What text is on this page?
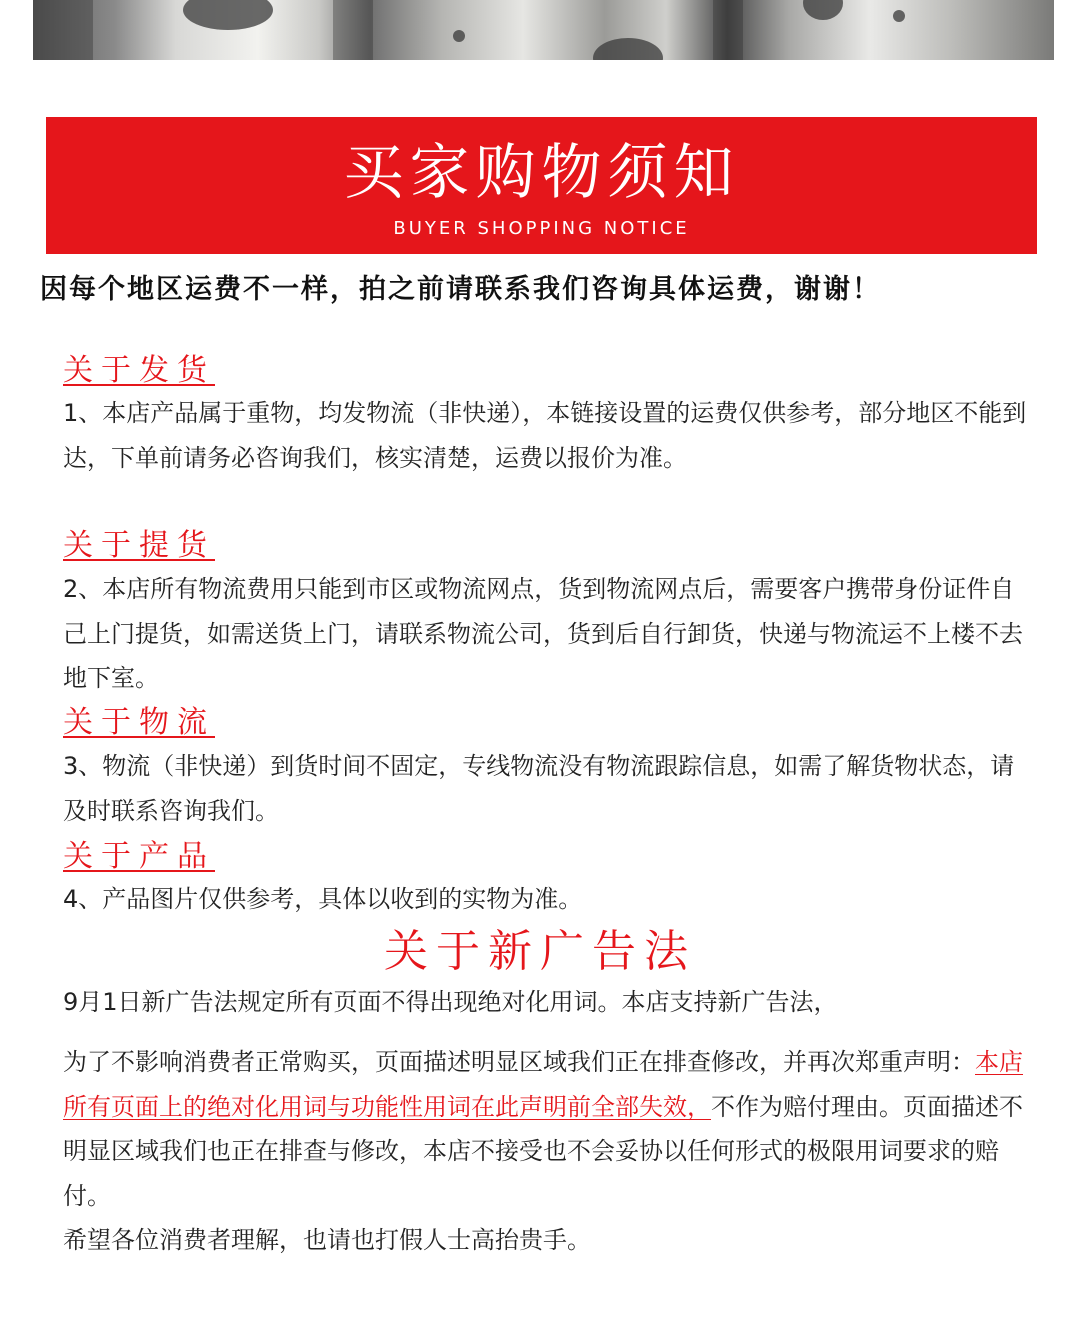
买家购物须知
BUYER SHOPPING NOTICE
因每个地区运费不一样，拍之前请联系我们咨询具体运费，谢谢！
关于发货
1、本店产品属于重物，均发物流（非快递），本链接设置的运费仅供参考，部分地区不能到达，下单前请务必咨询我们，核实清楚，运费以报价为准。
关于提货
2、本店所有物流费用只能到市区或物流网点，货到物流网点后，需要客户携带身份证件自己上门提货，如需送货上门，请联系物流公司，货到后自行卸货，快递与物流运不上楼不去地下室。
关于物流
3、物流（非快递）到货时间不固定，专线物流没有物流跟踪信息，如需了解货物状态，请及时联系咨询我们。
关于产品
4、产品图片仅供参考，具体以收到的实物为准。
关于新广告法
9月1日新广告法规定所有页面不得出现绝对化用词。本店支持新广告法，
为了不影响消费者正常购买，页面描述明显区域我们正在排查修改，并再次郑重声明：本店所有页面上的绝对化用词与功能性用词在此声明前全部失效，不作为赔付理由。页面描述不明显区域我们也正在排查与修改，本店不接受也不会妥协以任何形式的极限用词要求的赔付。
希望各位消费者理解，也请也打假人士高抬贵手。
